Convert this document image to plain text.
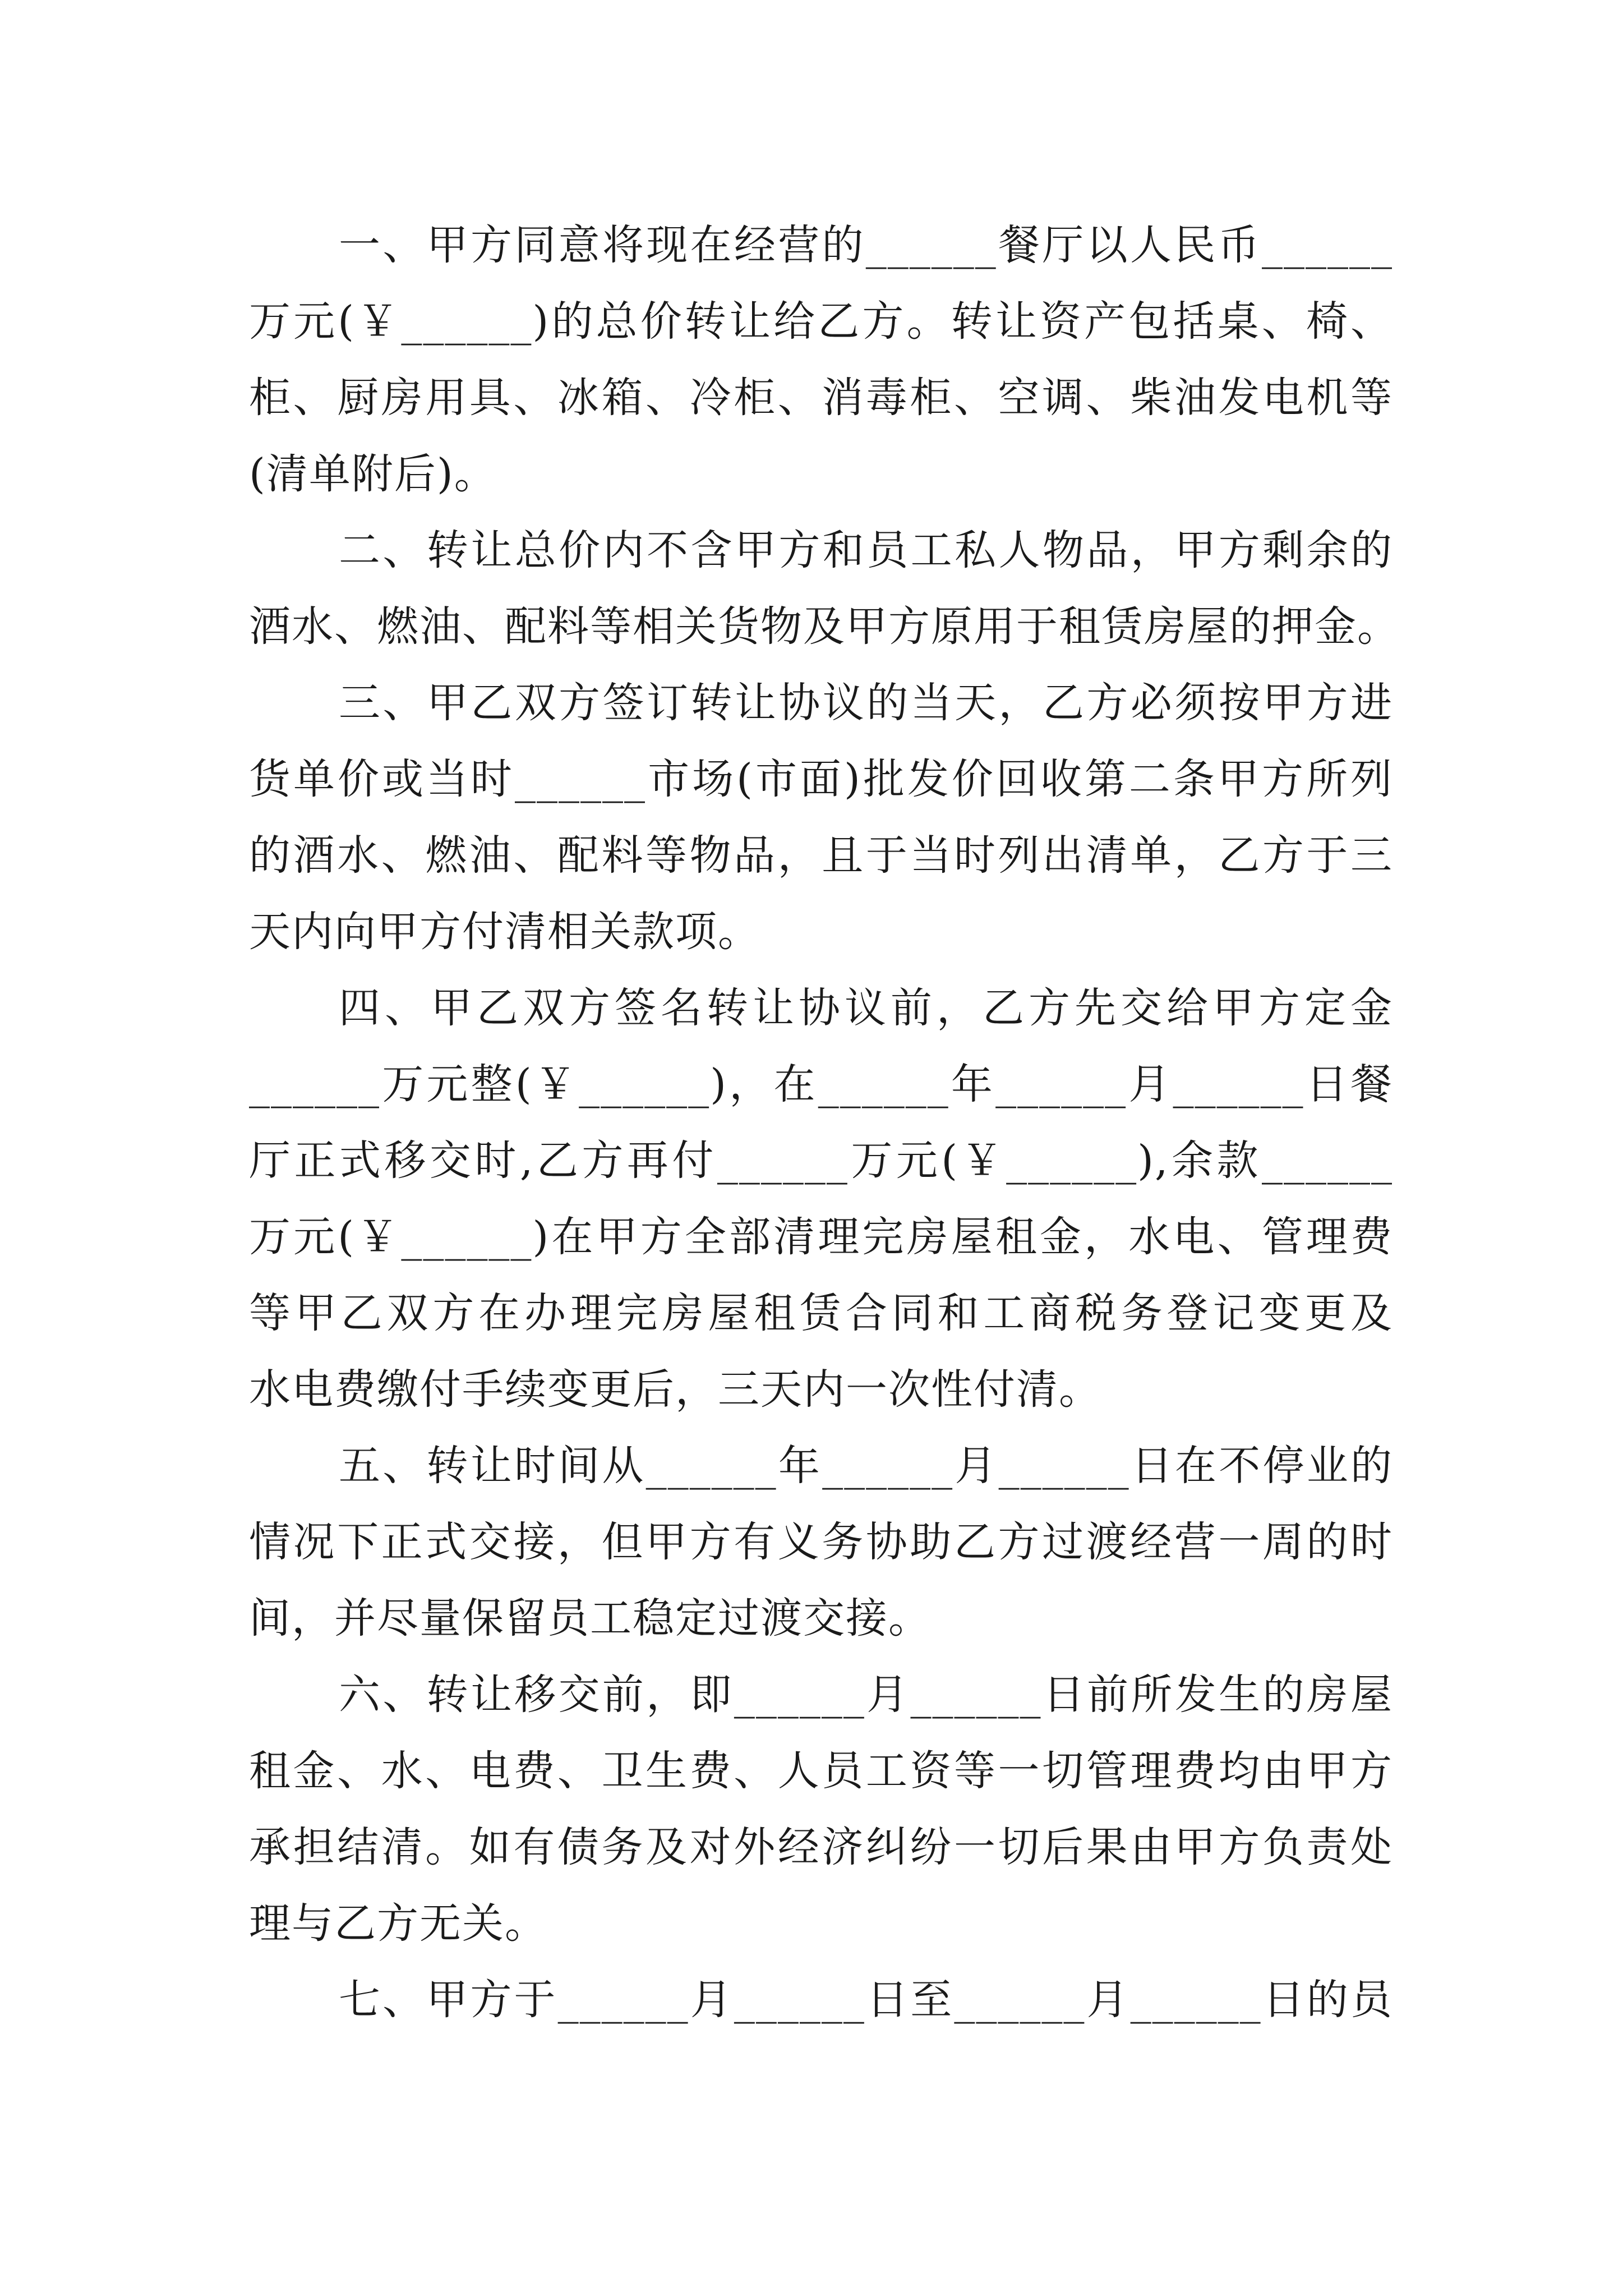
一、甲方同意将现在经营的______餐厅以人民币______
万元(￥______)的总价转让给乙方。转让资产包括桌、椅、
柜、厨房用具、冰箱、冷柜、消毒柜、空调、柴油发电机等
(清单附后)。
二、转让总价内不含甲方和员工私人物品，甲方剩余的
酒水、燃油、配料等相关货物及甲方原用于租赁房屋的押金。
三、甲乙双方签订转让协议的当天，乙方必须按甲方进
货单价或当时______市场(市面)批发价回收第二条甲方所列
的酒水、燃油、配料等物品，且于当时列出清单，乙方于三
天内向甲方付清相关款项。
四、甲乙双方签名转让协议前，乙方先交给甲方定金
______万元整(￥______)，在______年______月______日餐
厅正式移交时,乙方再付______万元(￥______),余款______
万元(￥______)在甲方全部清理完房屋租金，水电、管理费
等甲乙双方在办理完房屋租赁合同和工商税务登记变更及
水电费缴付手续变更后，三天内一次性付清。
五、转让时间从______年______月______日在不停业的
情况下正式交接，但甲方有义务协助乙方过渡经营一周的时
间，并尽量保留员工稳定过渡交接。
六、转让移交前，即______月______日前所发生的房屋
租金、水、电费、卫生费、人员工资等一切管理费均由甲方
承担结清。如有债务及对外经济纠纷一切后果由甲方负责处
理与乙方无关。
七、甲方于______月______日至______月______日的员
